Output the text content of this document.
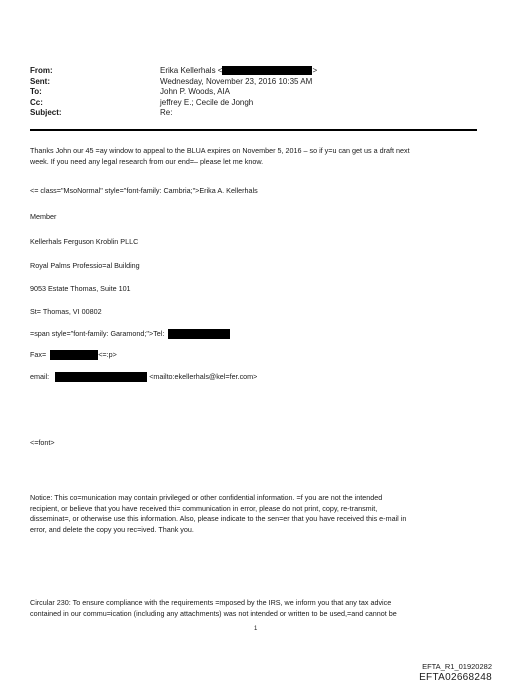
From:	Erika Kellerhals <	>
Sent:	Wednesday, November 23, 2016 10:35 AM
To:	John P. Woods, AIA
Cc:	jeffrey E.; Cecile de Jongh
Subject:	Re:
Thanks John our 45 =ay window to appeal to the BLUA expires on November 5, 2016 – so if y=u can get us a draft next
week. If you need any legal research from our end=– please let me know.
<= class="MsoNormal" style="font-family: Cambria;">Erika A. Kellerhals
Member
Kellerhals Ferguson Kroblin PLLC
Royal Palms Professio=al Building
9053 Estate Thomas, Suite 101
St= Thomas, VI 00802
=span style="font-family: Garamond;">Tel:
Fax=	<=:p>
email:	<mailto:ekellerhals@kel=fer.com>
<=font>
Notice: This co=munication may contain privileged or other confidential information. =f you are not the intended
recipient, or believe that you have received thi= communication in error, please do not print, copy, re-transmit,
disseminat=, or otherwise use this information. Also, please indicate to the sen=er that you have received this e-mail in
error, and delete the copy you rec=ived. Thank you.
Circular 230: To ensure compliance with the requirements =mposed by the IRS, we inform you that any tax advice
contained in our commu=ication (including any attachments) was not intended or written to be used,=and cannot be
1
EFTA_R1_01920282
EFTA02668248
